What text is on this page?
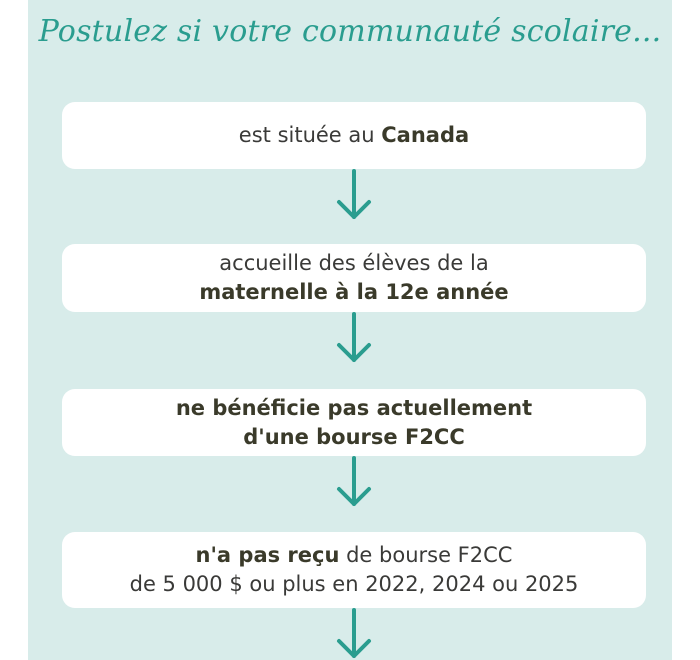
Postulez si votre communauté scolaire...
est située au Canada
accueille des élèves de la
maternelle à la 12e année
ne bénéficie pas actuellement
d'une bourse F2CC
n'a pas reçu de bourse F2CC
de 5 000 $ ou plus en 2022, 2024 ou 2025
